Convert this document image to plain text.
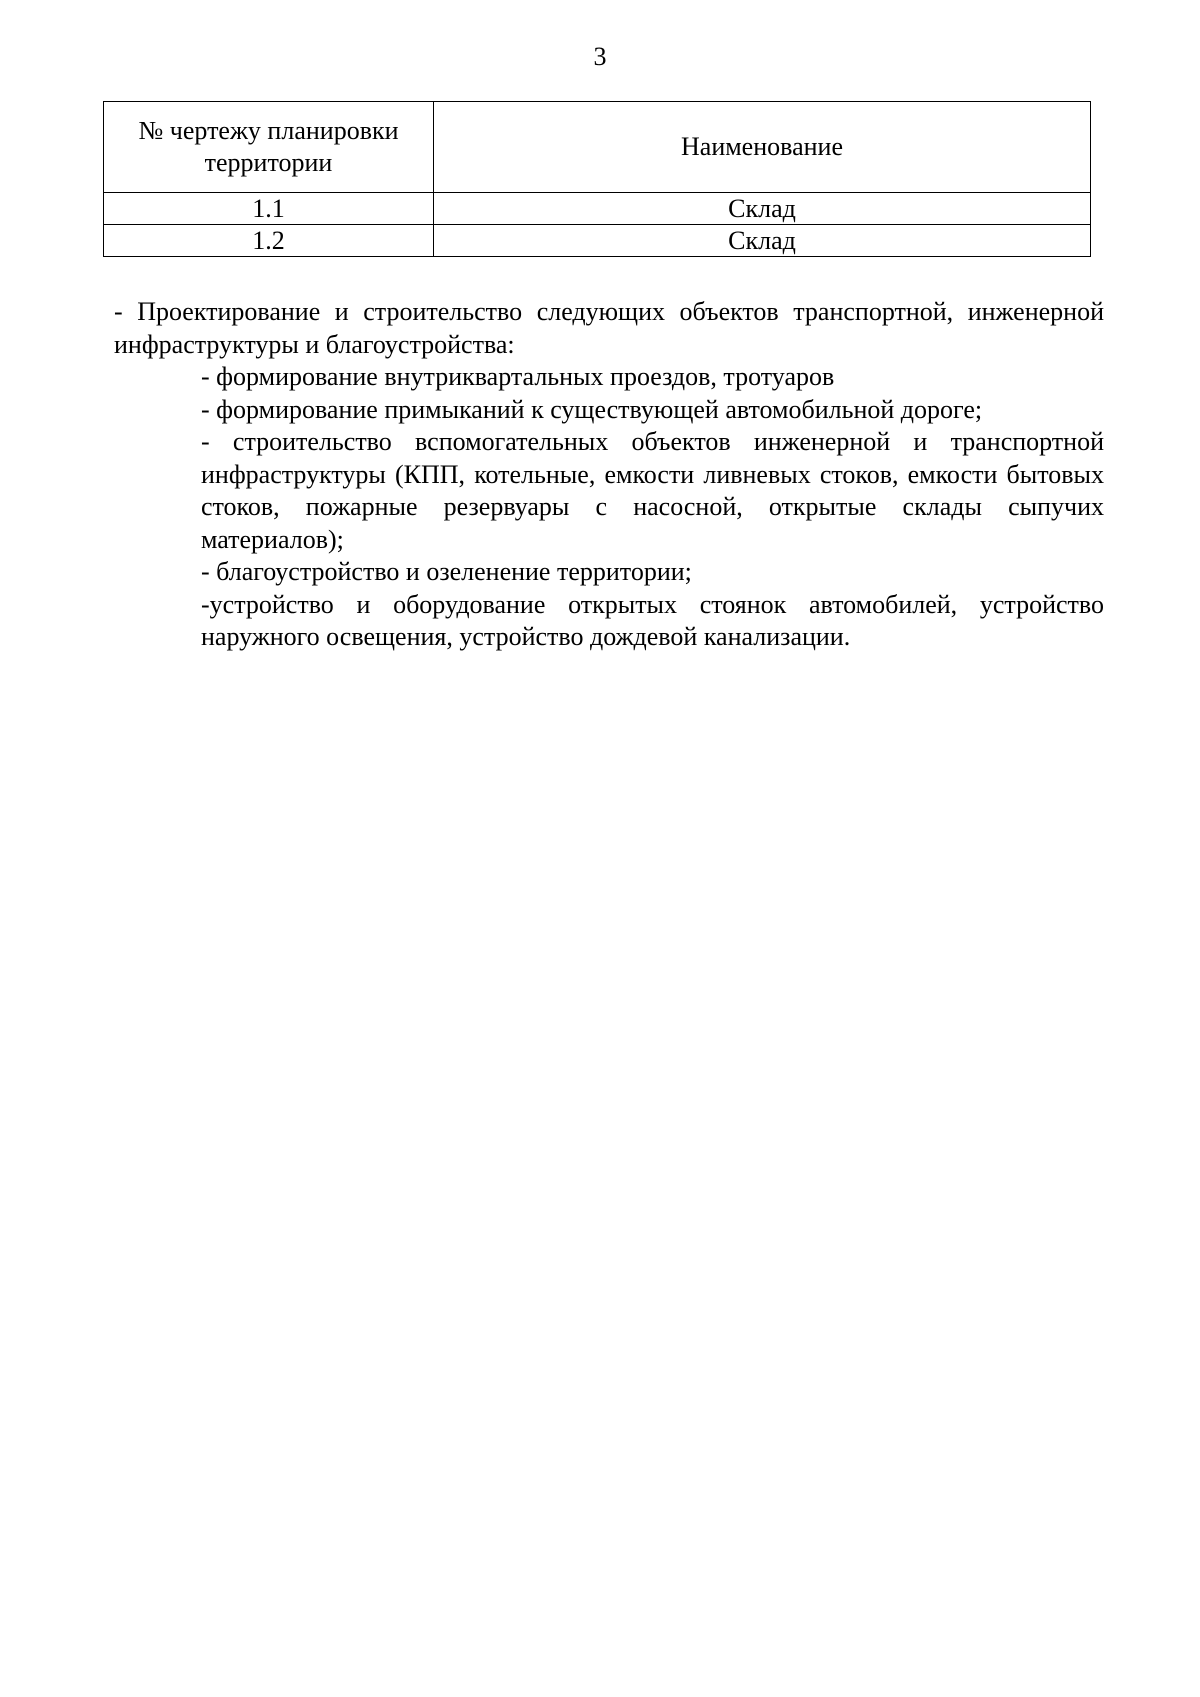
3
№ чертежу планировки территории	Наименование
1.1	Склад
1.2	Склад

- Проектирование и строительство следующих объектов транспортной, инженерной инфраструктуры и благоустройства:

- формирование внутриквартальных проездов, тротуаров

- формирование примыканий к существующей автомобильной дороге;

- строительство вспомогательных объектов инженерной и транспортной инфраструктуры (КПП, котельные, емкости ливневых стоков, емкости бытовых стоков, пожарные резервуары с насосной, открытые склады сыпучих материалов);

- благоустройство и озеленение территории;

-устройство и оборудование открытых стоянок автомобилей, устройство наружного освещения, устройство дождевой канализации.
